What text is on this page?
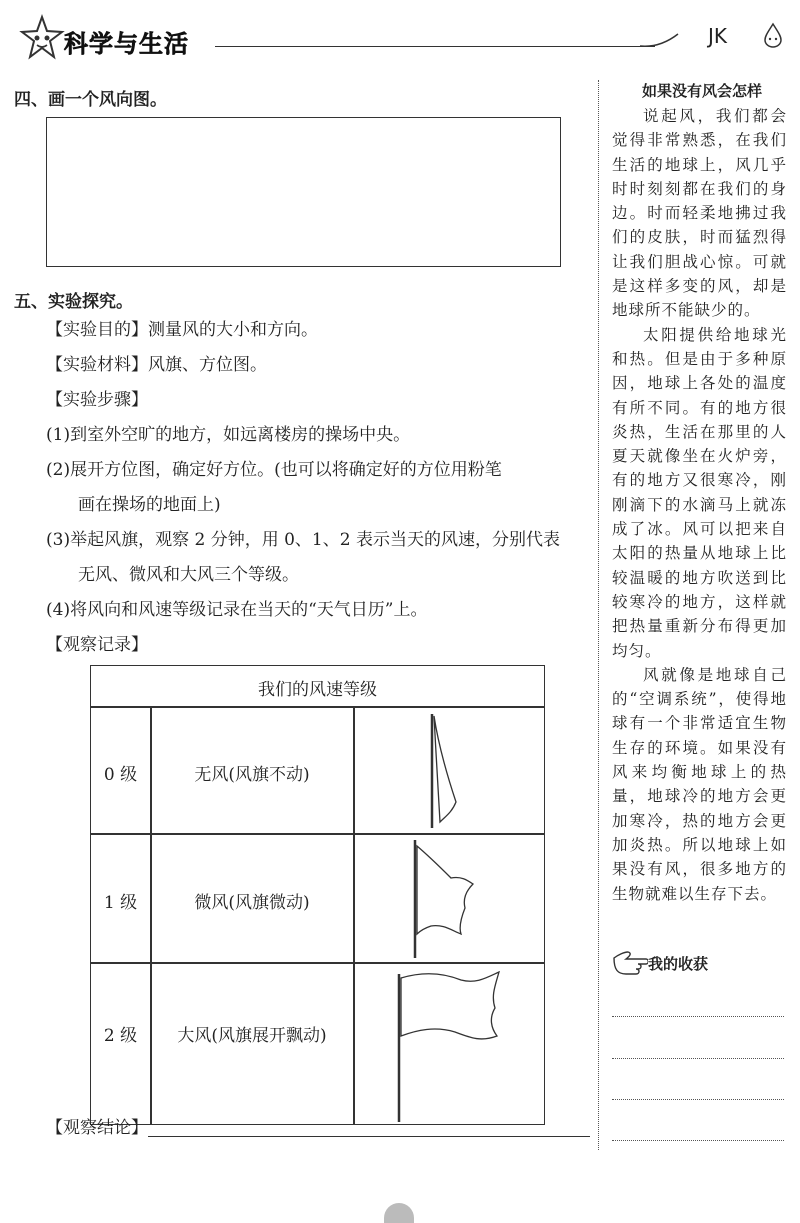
科学与生活	JK
四、画一个风向图。
五、实验探究。
【实验目的】测量风的大小和方向。
【实验材料】风旗、方位图。
【实验步骤】
(1)到室外空旷的地方，如远离楼房的操场中央。
(2)展开方位图，确定好方位。(也可以将确定好的方位用粉笔
画在操场的地面上)
(3)举起风旗，观察 2 分钟，用 0、1、2 表示当天的风速，分别代表
无风、微风和大风三个等级。
(4)将风向和风速等级记录在当天的“天气日历”上。
【观察记录】
我们的风速等级
0 级	无风(风旗不动)
1 级	微风(风旗微动)
2 级	大风(风旗展开飘动)
【观察结论】
如果没有风会怎样

说起风，我们都会觉得非常熟悉，在我们生活的地球上，风几乎时时刻刻都在我们的身边。时而轻柔地拂过我们的皮肤，时而猛烈得让我们胆战心惊。可就是这样多变的风，却是地球所不能缺少的。

太阳提供给地球光和热。但是由于多种原因，地球上各处的温度有所不同。有的地方很炎热，生活在那里的人夏天就像坐在火炉旁，有的地方又很寒冷，刚刚滴下的水滴马上就冻成了冰。风可以把来自太阳的热量从地球上比较温暖的地方吹送到比较寒冷的地方，这样就把热量重新分布得更加均匀。

风就像是地球自己的“空调系统”，使得地球有一个非常适宜生物生存的环境。如果没有风来均衡地球上的热量，地球冷的地方会更加寒冷，热的地方会更加炎热。所以地球上如果没有风，很多地方的生物就难以生存下去。

我的收获
